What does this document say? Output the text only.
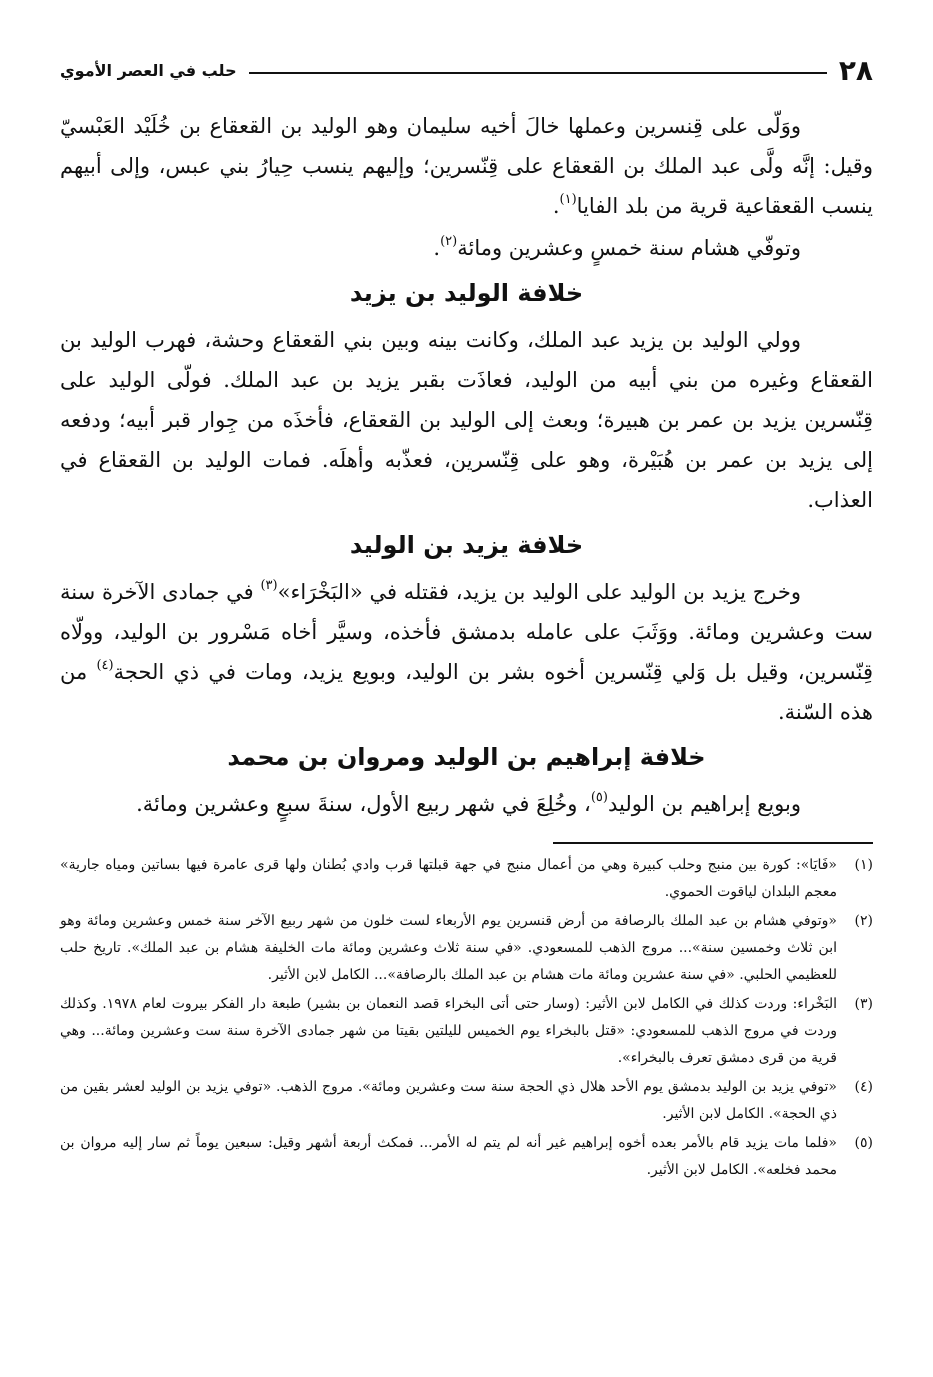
٢٨
حلب في العصر الأموي

ووَلّى على قِنسرين وعملها خالَ أخيه سليمان وهو الوليد بن القعقاع بن خُلَيْد العَبْسيّ وقيل: إنَّه ولَّى عبد الملك بن القعقاع على قِنّسرين؛ وإليهم ينسب حِيارُ بني عبس، وإلى أبيهم ينسب القعقاعية قرية من بلد الفايا$^{(١)}$.

وتوفّي هشام سنة خمسٍ وعشرين ومائة$^{(٢)}$.

خلافة الوليد بن يزيد

وولي الوليد بن يزيد عبد الملك، وكانت بينه وبين بني القعقاع وحشة، فهرب الوليد بن القعقاع وغيره من بني أبيه من الوليد، فعاذَت بقبر يزيد بن عبد الملك. فولّى الوليد على قِنّسرين يزيد بن عمر بن هبيرة؛ وبعث إلى الوليد بن القعقاع، فأخذَه من جِوار قبر أبيه؛ ودفعه إلى يزيد بن عمر بن هُبَيْرة، وهو على قِنّسرين، فعذّبه وأهلَه. فمات الوليد بن القعقاع في العذاب.

خلافة يزيد بن الوليد

وخرج يزيد بن الوليد على الوليد بن يزيد، فقتله في «البَخْرَاء»$^{(٣)}$ في جمادى الآخرة سنة ست وعشرين ومائة. ووَثَبَ على عامله بدمشق فأخذه، وسيَّر أخاه مَسْرور بن الوليد، وولّاه قِنّسرين، وقيل بل وَلي قِنّسرين أخوه بشر بن الوليد، وبويع يزيد، ومات في ذي الحجة$^{(٤)}$ من هذه السّنة.

خلافة إبراهيم بن الوليد ومروان بن محمد

وبويع إبراهيم بن الوليد$^{(٥)}$، وخُلِعَ في شهر ربيع الأول، سنةَ سبعٍ وعشرين ومائة.

(١)
«فَايَا»: كورة بين منبج وحلب كبيرة وهي من أعمال منبج في جهة قبلتها قرب وادي بُطنان ولها قرى عامرة فيها بساتين ومياه جارية» معجم البلدان لياقوت الحموي.
(٢)
«وتوفي هشام بن عبد الملك بالرصافة من أرض قنسرين يوم الأربعاء لست خلون من شهر ربيع الآخر سنة خمس وعشرين ومائة وهو ابن ثلاث وخمسين سنة»... مروج الذهب للمسعودي. «في سنة ثلاث وعشرين ومائة مات الخليفة هشام بن عبد الملك». تاريخ حلب للعظيمي الحلبي. «في سنة عشرين ومائة مات هشام بن عبد الملك بالرصافة»... الكامل لابن الأثير.
(٣)
البَخْراء: وردت كذلك في الكامل لابن الأثير: (وسار حتى أتى البخراء قصد النعمان بن بشير) طبعة دار الفكر بيروت لعام ١٩٧٨. وكذلك وردت في مروج الذهب للمسعودي: «قتل بالبخراء يوم الخميس لليلتين بقيتا من شهر جمادى الآخرة سنة ست وعشرين ومائة... وهي قرية من قرى دمشق تعرف بالبخراء».
(٤)
«توفي يزيد بن الوليد بدمشق يوم الأحد هلال ذي الحجة سنة ست وعشرين ومائة». مروج الذهب. «توفي يزيد بن الوليد لعشر بقين من ذي الحجة». الكامل لابن الأثير.
(٥)
«فلما مات يزيد قام بالأمر بعده أخوه إبراهيم غير أنه لم يتم له الأمر... فمكث أربعة أشهر وقيل: سبعين يوماً ثم سار إليه مروان بن محمد فخلعه». الكامل لابن الأثير.
